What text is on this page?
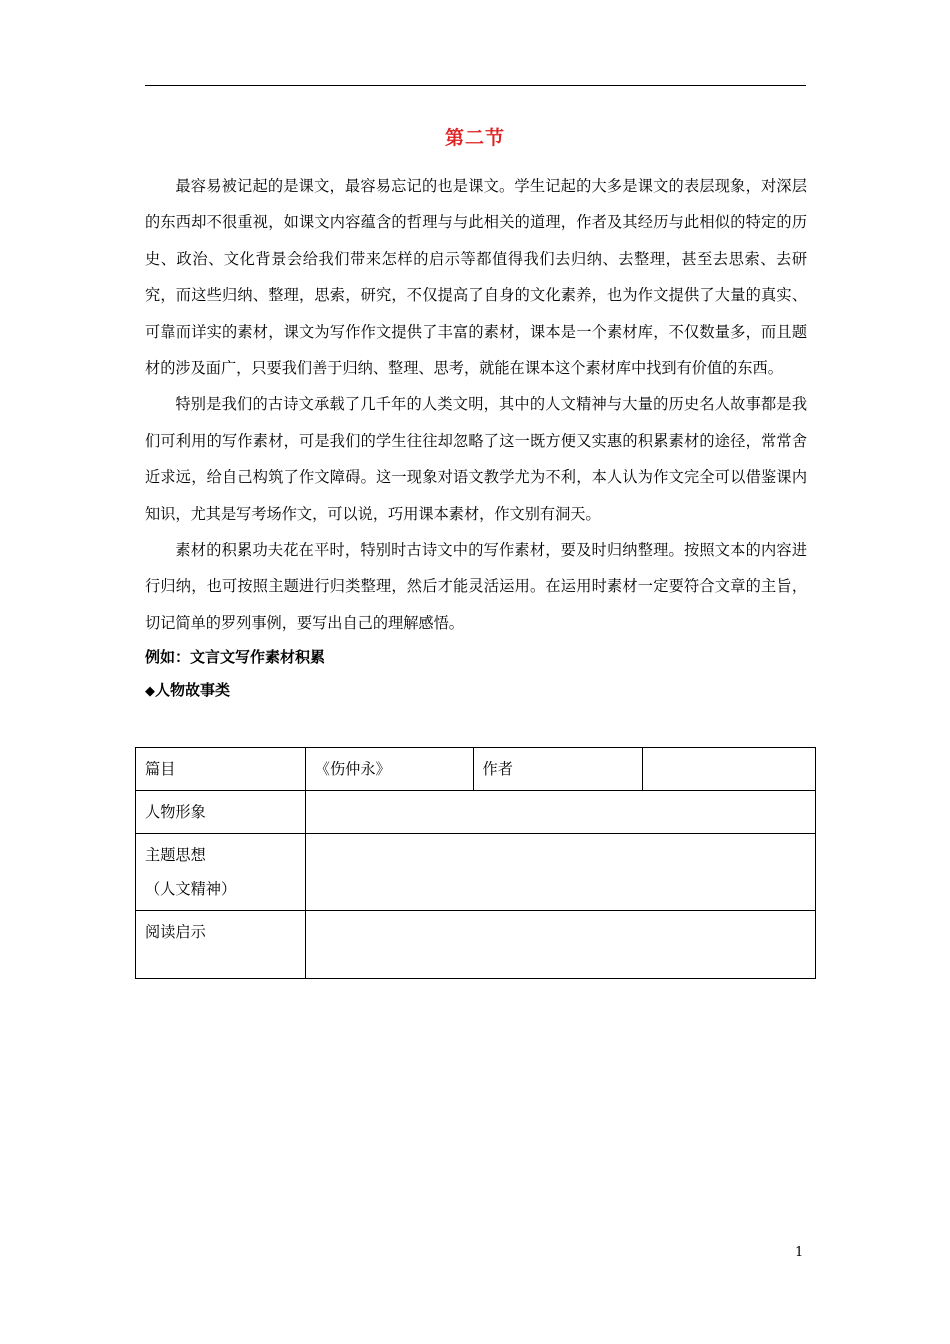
第二节

最容易被记起的是课文，最容易忘记的也是课文。学生记起的大多是课文的表层现象，对深层的东西却不很重视，如课文内容蕴含的哲理与与此相关的道理，作者及其经历与此相似的特定的历史、政治、文化背景会给我们带来怎样的启示等都值得我们去归纳、去整理，甚至去思索、去研究，而这些归纳、整理，思索，研究，不仅提高了自身的文化素养，也为作文提供了大量的真实、可靠而详实的素材，课文为写作作文提供了丰富的素材，课本是一个素材库，不仅数量多，而且题材的涉及面广，只要我们善于归纳、整理、思考，就能在课本这个素材库中找到有价值的东西。

特别是我们的古诗文承载了几千年的人类文明，其中的人文精神与大量的历史名人故事都是我们可利用的写作素材，可是我们的学生往往却忽略了这一既方便又实惠的积累素材的途径，常常舍近求远，给自己构筑了作文障碍。这一现象对语文教学尤为不利，本人认为作文完全可以借鉴课内知识，尤其是写考场作文，可以说，巧用课本素材，作文别有洞天。

素材的积累功夫花在平时，特别时古诗文中的写作素材，要及时归纳整理。按照文本的内容进行归纳，也可按照主题进行归类整理，然后才能灵活运用。在运用时素材一定要符合文章的主旨，切记简单的罗列事例，要写出自己的理解感悟。

例如：文言文写作素材积累

◆人物故事类

篇目	《伤仲永》	作者	
人物形象			

主题思想
（人文精神）			

阅读启示			
1
